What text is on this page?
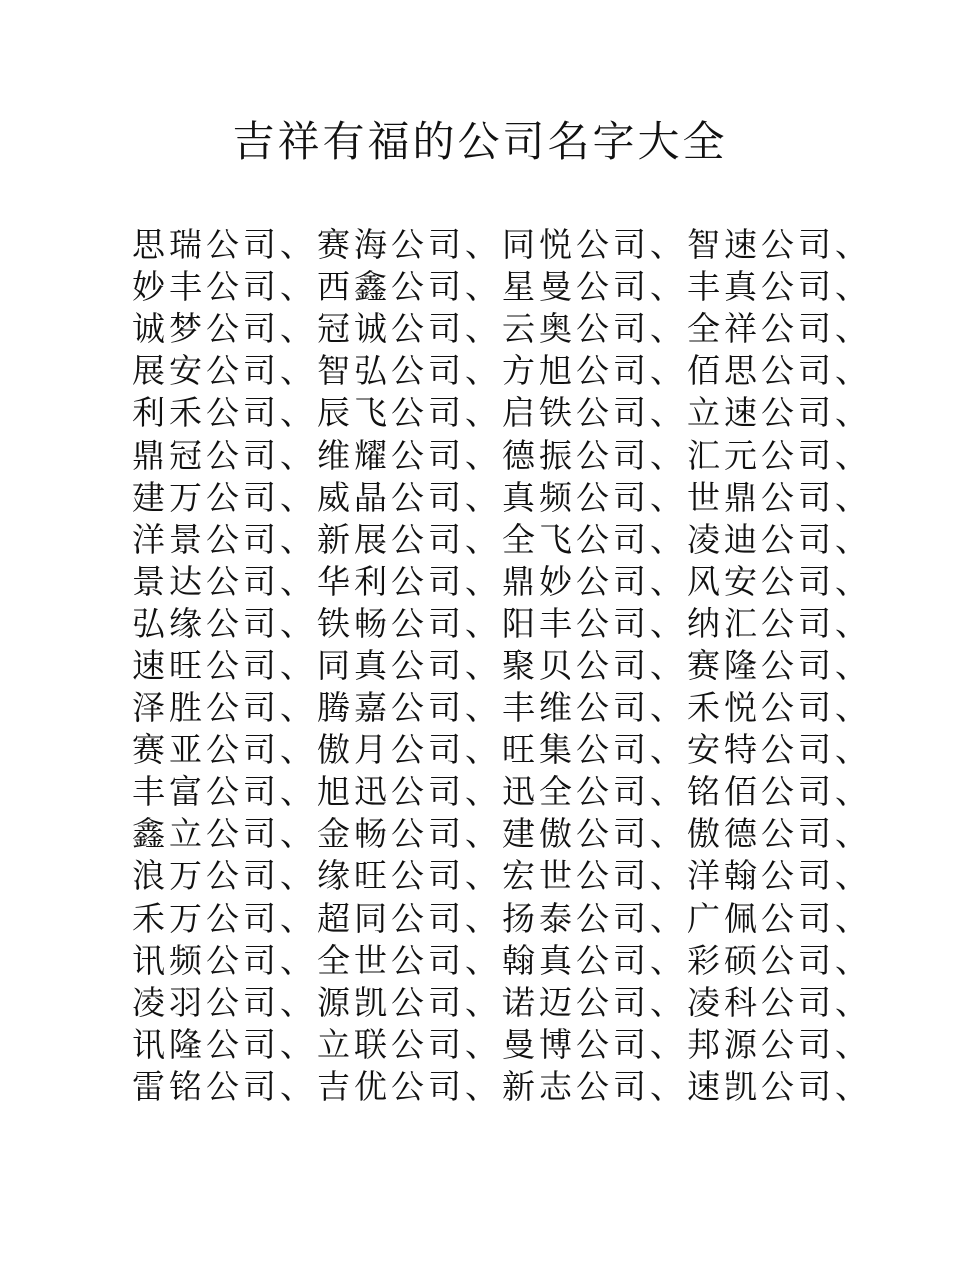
吉祥有福的公司名字大全
思瑞公司、 赛海公司、 同悦公司、 智速公司、
妙丰公司、 西鑫公司、 星曼公司、 丰真公司、
诚梦公司、 冠诚公司、 云奥公司、 全祥公司、
展安公司、 智弘公司、 方旭公司、 佰思公司、
利禾公司、 辰飞公司、 启铁公司、 立速公司、
鼎冠公司、 维耀公司、 德振公司、 汇元公司、
建万公司、 威晶公司、 真频公司、 世鼎公司、
洋景公司、 新展公司、 全飞公司、 凌迪公司、
景达公司、 华利公司、 鼎妙公司、 风安公司、
弘缘公司、 铁畅公司、 阳丰公司、 纳汇公司、
速旺公司、 同真公司、 聚贝公司、 赛隆公司、
泽胜公司、 腾嘉公司、 丰维公司、 禾悦公司、
赛亚公司、 傲月公司、 旺集公司、 安特公司、
丰富公司、 旭迅公司、 迅全公司、 铭佰公司、
鑫立公司、 金畅公司、 建傲公司、 傲德公司、
浪万公司、 缘旺公司、 宏世公司、 洋翰公司、
禾万公司、 超同公司、 扬泰公司、 广佩公司、
讯频公司、 全世公司、 翰真公司、 彩硕公司、
凌羽公司、 源凯公司、 诺迈公司、 凌科公司、
讯隆公司、 立联公司、 曼博公司、 邦源公司、
雷铭公司、 吉优公司、 新志公司、 速凯公司、
